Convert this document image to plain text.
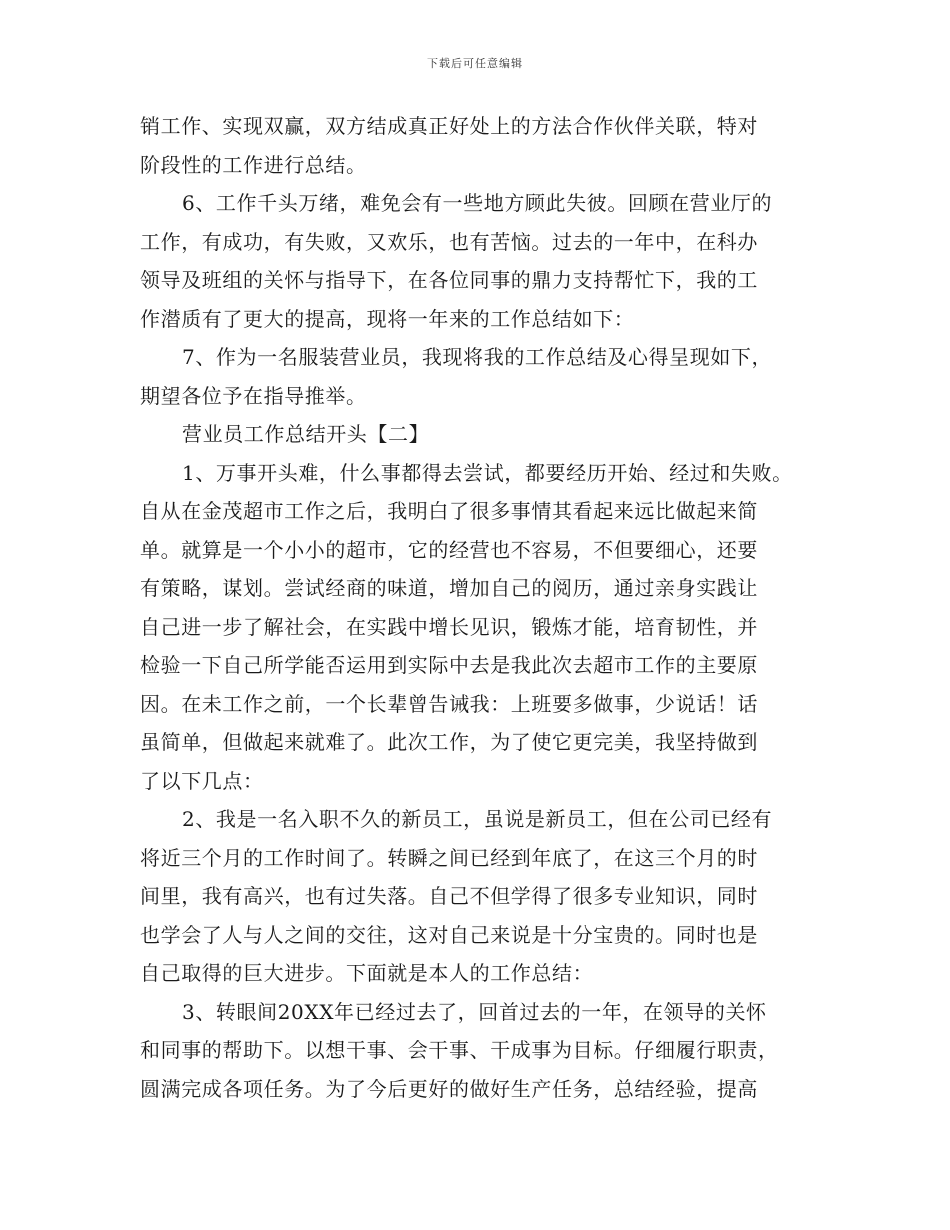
下载后可任意编辑
销工作、实现双赢，双方结成真正好处上的方法合作伙伴关联，特对
阶段性的工作进行总结。
6、工作千头万绪，难免会有一些地方顾此失彼。回顾在营业厅的
工作，有成功，有失败，又欢乐，也有苦恼。过去的一年中，在科办
领导及班组的关怀与指导下，在各位同事的鼎力支持帮忙下，我的工
作潜质有了更大的提高，现将一年来的工作总结如下：
7、作为一名服装营业员，我现将我的工作总结及心得呈现如下，
期望各位予在指导推举。
营业员工作总结开头【二】
1、万事开头难，什么事都得去尝试，都要经历开始、经过和失败。
自从在金茂超市工作之后，我明白了很多事情其看起来远比做起来简
单。就算是一个小小的超市，它的经营也不容易，不但要细心，还要
有策略，谋划。尝试经商的味道，增加自己的阅历，通过亲身实践让
自己进一步了解社会，在实践中增长见识，锻炼才能，培育韧性，并
检验一下自己所学能否运用到实际中去是我此次去超市工作的主要原
因。在未工作之前，一个长辈曾告诫我：上班要多做事，少说话！话
虽简单，但做起来就难了。此次工作，为了使它更完美，我坚持做到
了以下几点：
2、我是一名入职不久的新员工，虽说是新员工，但在公司已经有
将近三个月的工作时间了。转瞬之间已经到年底了，在这三个月的时
间里，我有高兴，也有过失落。自己不但学得了很多专业知识，同时
也学会了人与人之间的交往，这对自己来说是十分宝贵的。同时也是
自己取得的巨大进步。下面就是本人的工作总结：
3、转眼间20XX年已经过去了，回首过去的一年，在领导的关怀
和同事的帮助下。以想干事、会干事、干成事为目标。仔细履行职责，
圆满完成各项任务。为了今后更好的做好生产任务，总结经验，提高
